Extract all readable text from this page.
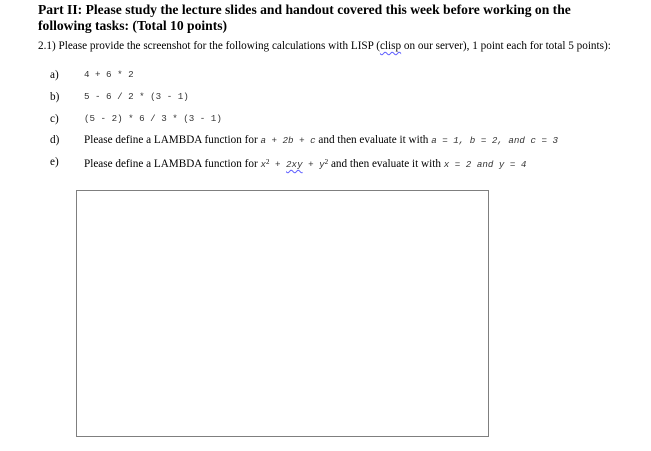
Part II: Please study the lecture slides and handout covered this week before working on the
following tasks: (Total 10 points)
2.1) Please provide the screenshot for the following calculations with LISP (clisp on our server), 1 point each for total 5 points):
a)	4 + 6 * 2
b)	5 - 6 / 2 * (3 - 1)
c)	(5 - 2) * 6 / 3 * (3 - 1)
d) Please define a LAMBDA function for a + 2b + c and then evaluate it with a = 1, b = 2, and c = 3
e) Please define a LAMBDA function for $x^2 + 2xy + y^2$ and then evaluate it with x = 2 and y = 4
